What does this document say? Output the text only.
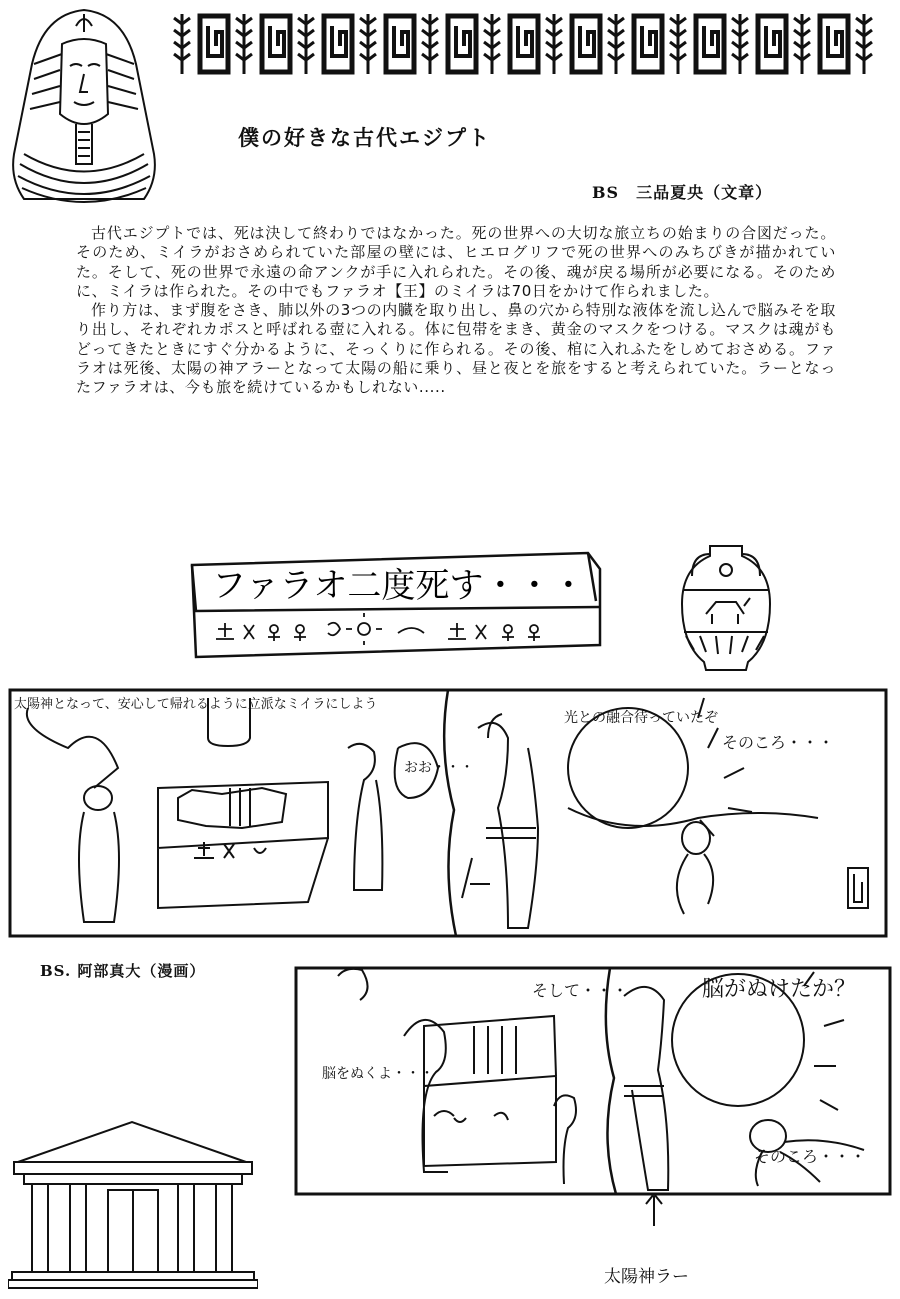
僕の好きな古代エジプト
BS　三品夏央（文章）

古代エジプトでは、死は決して終わりではなかった。死の世界への大切な旅立ちの始まりの合図だった。そのため、ミイラがおさめられていた部屋の壁には、ヒエログリフで死の世界へのみちびきが描かれていた。そして、死の世界で永遠の命アンクが手に入れられた。その後、魂が戻る場所が必要になる。そのために、ミイラは作られた。その中でもファラオ【王】のミイラは70日をかけて作られました。

作り方は、まず腹をさき、肺以外の3つの内臓を取り出し、鼻の穴から特別な液体を流し込んで脳みそを取り出し、それぞれカポスと呼ばれる壺に入れる。体に包帯をまき、黄金のマスクをつける。マスクは魂がもどってきたときにすぐ分かるように、そっくりに作られる。その後、棺に入れふたをしめておさめる。ファラオは死後、太陽の神アラーとなって太陽の船に乗り、昼と夜とを旅をすると考えられていた。ラーとなったファラオは、今も旅を続けているかもしれない.....

ファラオ二度死す・・・
太陽神となって、安心して帰れるように立派なミイラにしよう
おお・・・
光との融合待っていたぞ
そのころ・・・
BS. 阿部真大（漫画）
脳をぬくよ・・・
そして・・・	脳がぬけたか？
そのころ・・・
太陽神ラー
